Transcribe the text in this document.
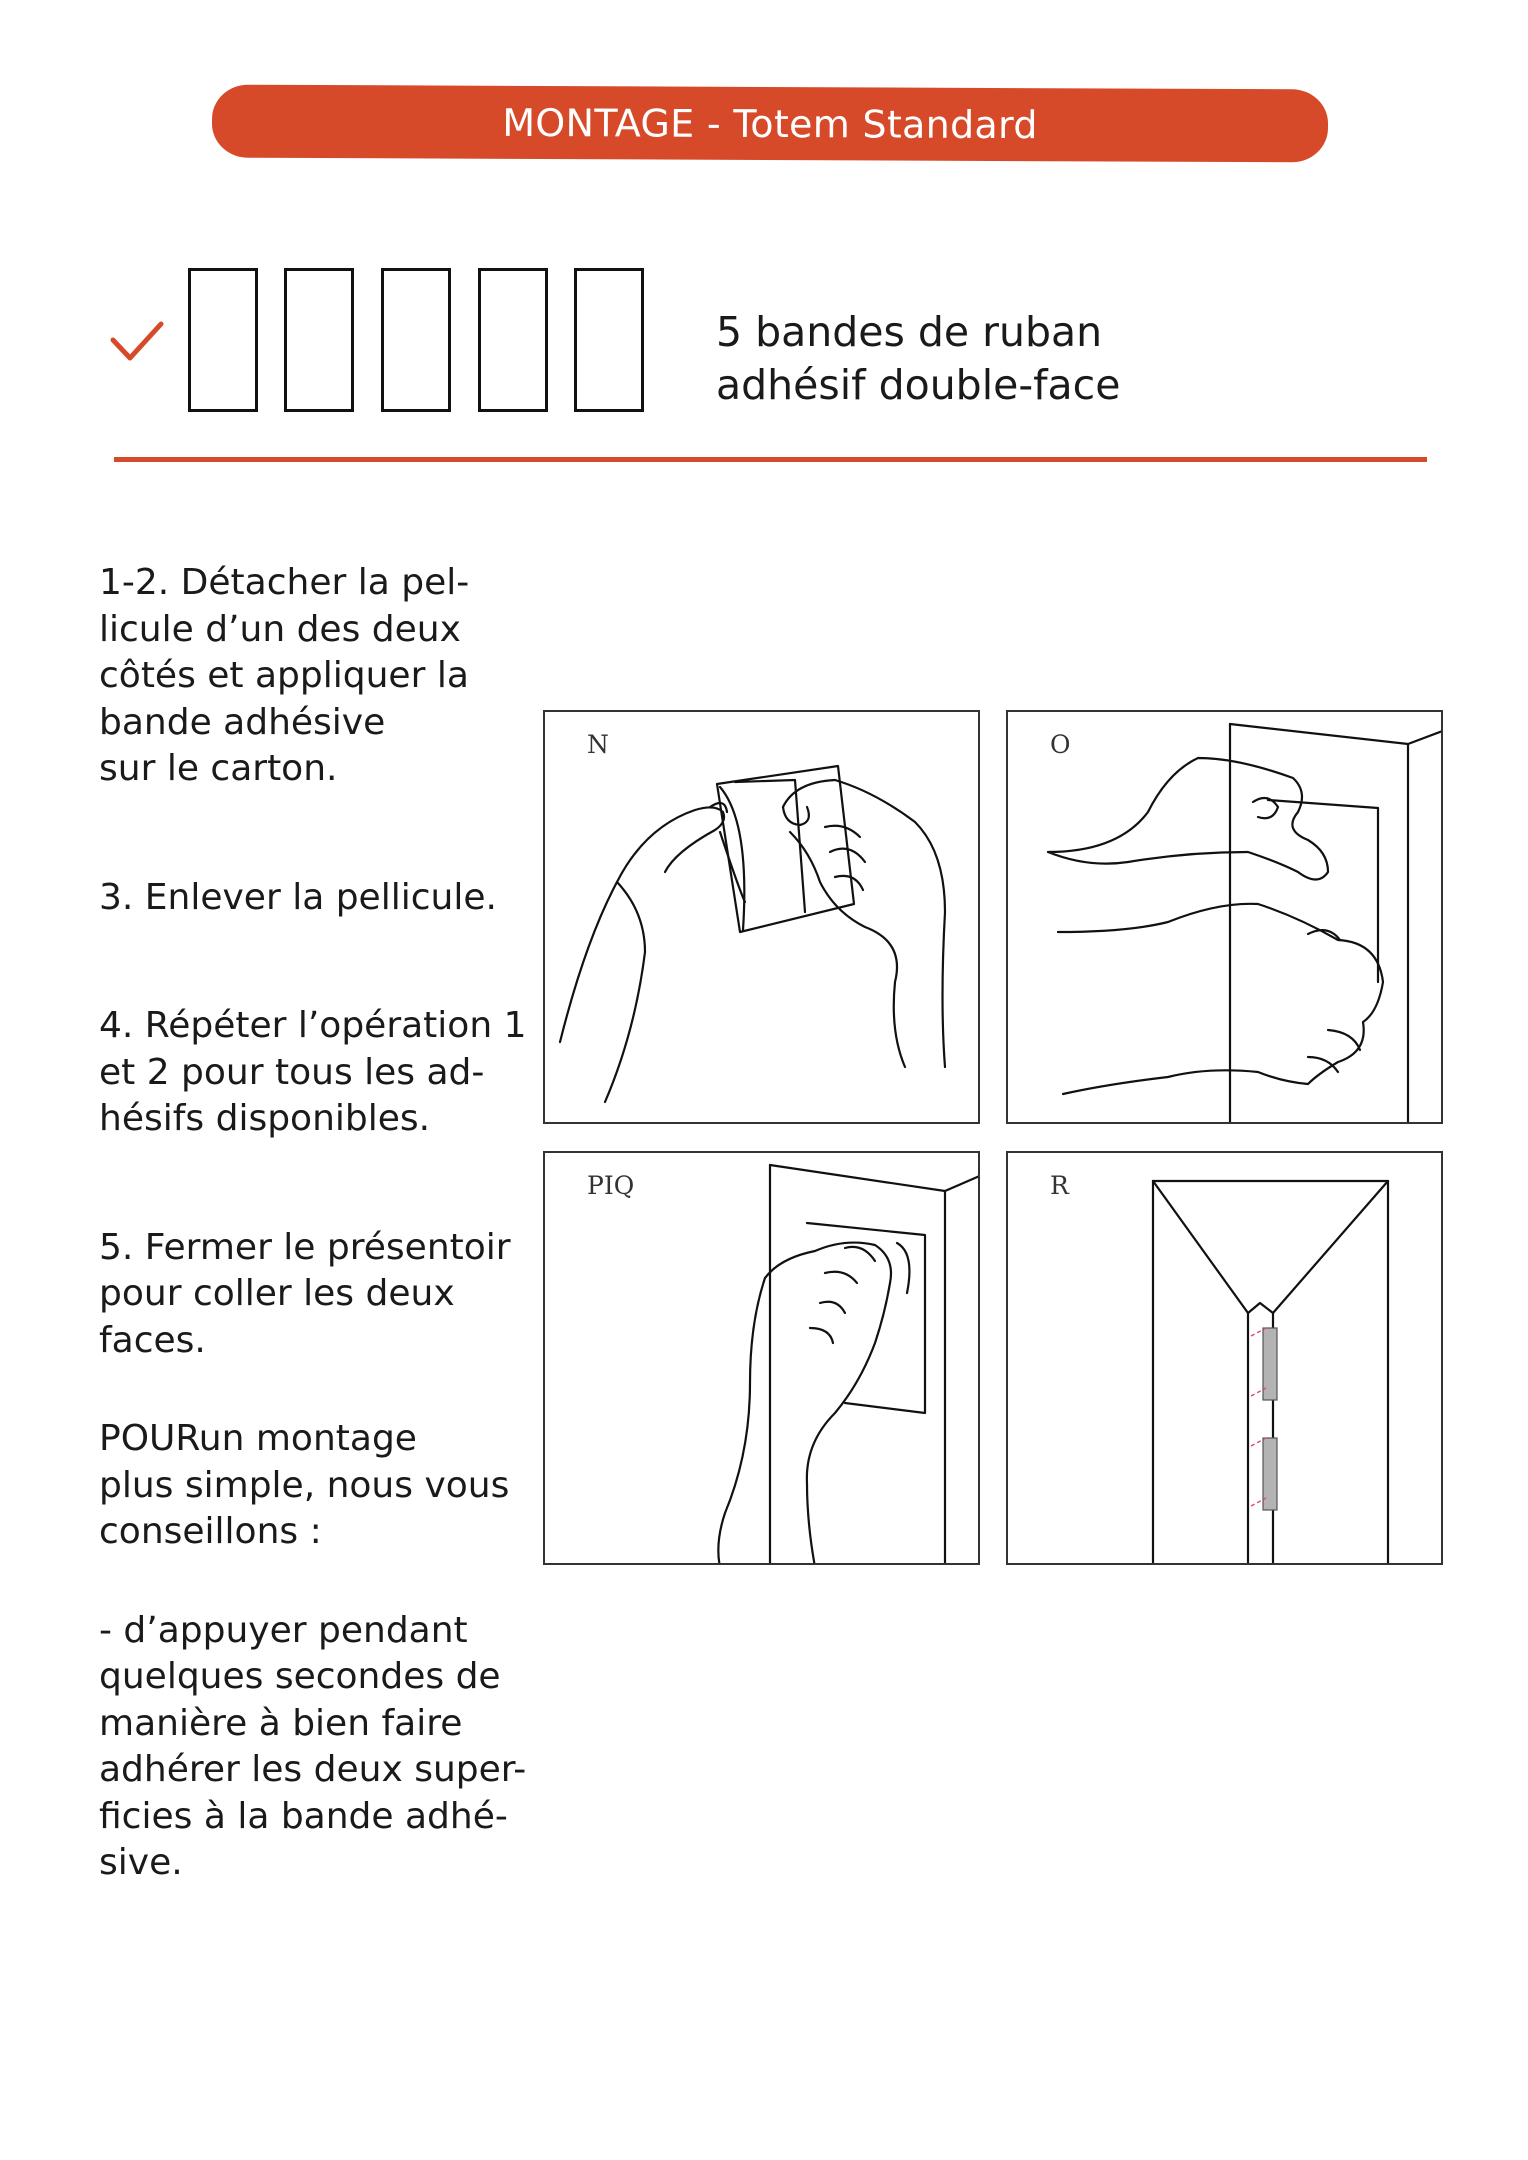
MONTAGE - Totem Standard
5 bandes de ruban
adhésif double-face

1-2. Détacher la pel-
licule d’un des deux
côtés et appliquer la
bande adhésive
sur le carton.

3. Enlever la pellicule.

4. Répéter l’opération 1
et 2 pour tous les ad-
hésifs disponibles.

5. Fermer le présentoir
pour coller les deux
faces.

POURun montage
plus simple, nous vous
conseillons :

- d’appuyer pendant
quelques secondes de
manière à bien faire
adhérer les deux super-
ficies à la bande adhé-
sive.

N	O
PIQ	R
